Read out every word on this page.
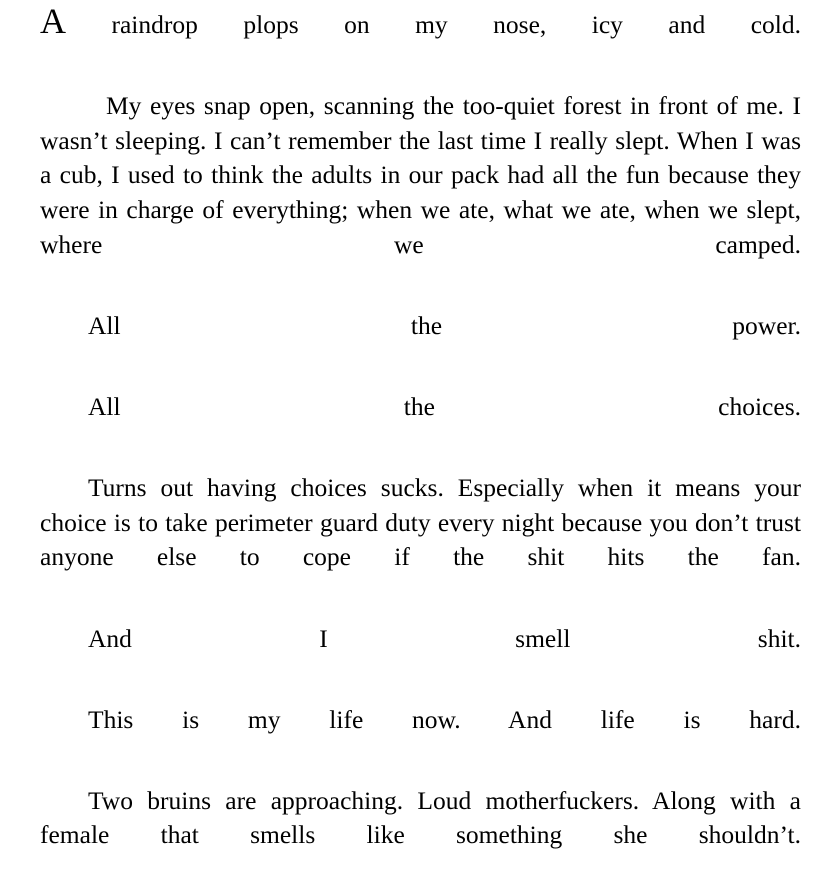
A raindrop plops on my nose, icy and cold.

My eyes snap open, scanning the too-quiet forest in front of me. I wasn’t sleeping. I can’t remember the last time I really slept. When I was a cub, I used to think the adults in our pack had all the fun because they were in charge of everything; when we ate, what we ate, when we slept, where we camped.

All the power.

All the choices.

Turns out having choices sucks. Especially when it means your choice is to take perimeter guard duty every night because you don’t trust anyone else to cope if the shit hits the fan.

And I smell shit.

This is my life now. And life is hard.

Two bruins are approaching. Loud motherfuckers. Along with a female that smells like something she shouldn’t.
